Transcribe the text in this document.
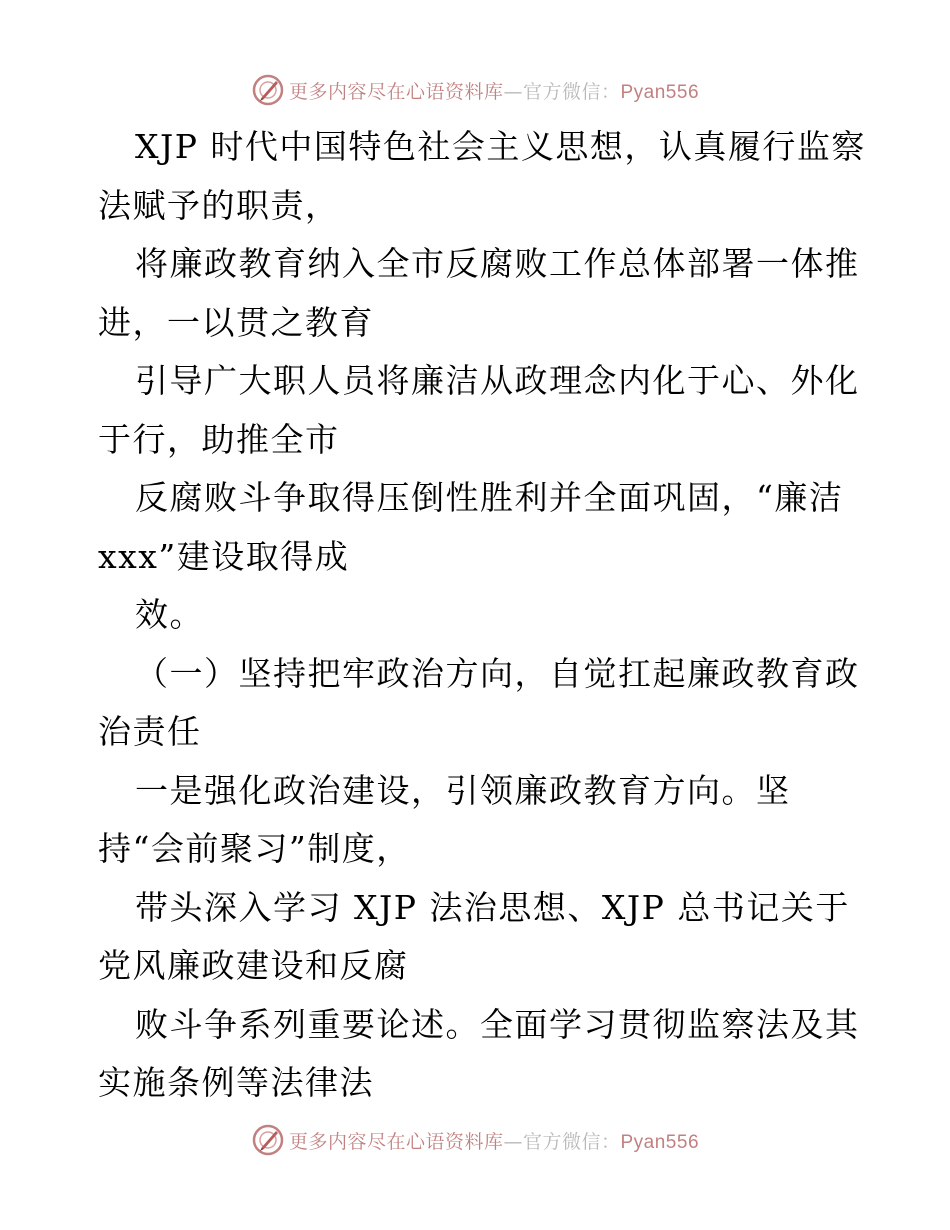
更多内容尽在心语资料库—官方微信：Pyan556
XJP 时代中国特色社会主义思想，认真履行监察
法赋予的职责，
将廉政教育纳入全市反腐败工作总体部署一体推
进，一以贯之教育
引导广大职人员将廉洁从政理念内化于心、外化
于行，助推全市
反腐败斗争取得压倒性胜利并全面巩固，“廉洁
xxx”建设取得成
效。
（一）坚持把牢政治方向，自觉扛起廉政教育政
治责任
一是强化政治建设，引领廉政教育方向。坚
持“会前聚习”制度，
带头深入学习 XJP 法治思想、XJP 总书记关于
党风廉政建设和反腐
败斗争系列重要论述。全面学习贯彻监察法及其
实施条例等法律法
更多内容尽在心语资料库—官方微信：Pyan556
